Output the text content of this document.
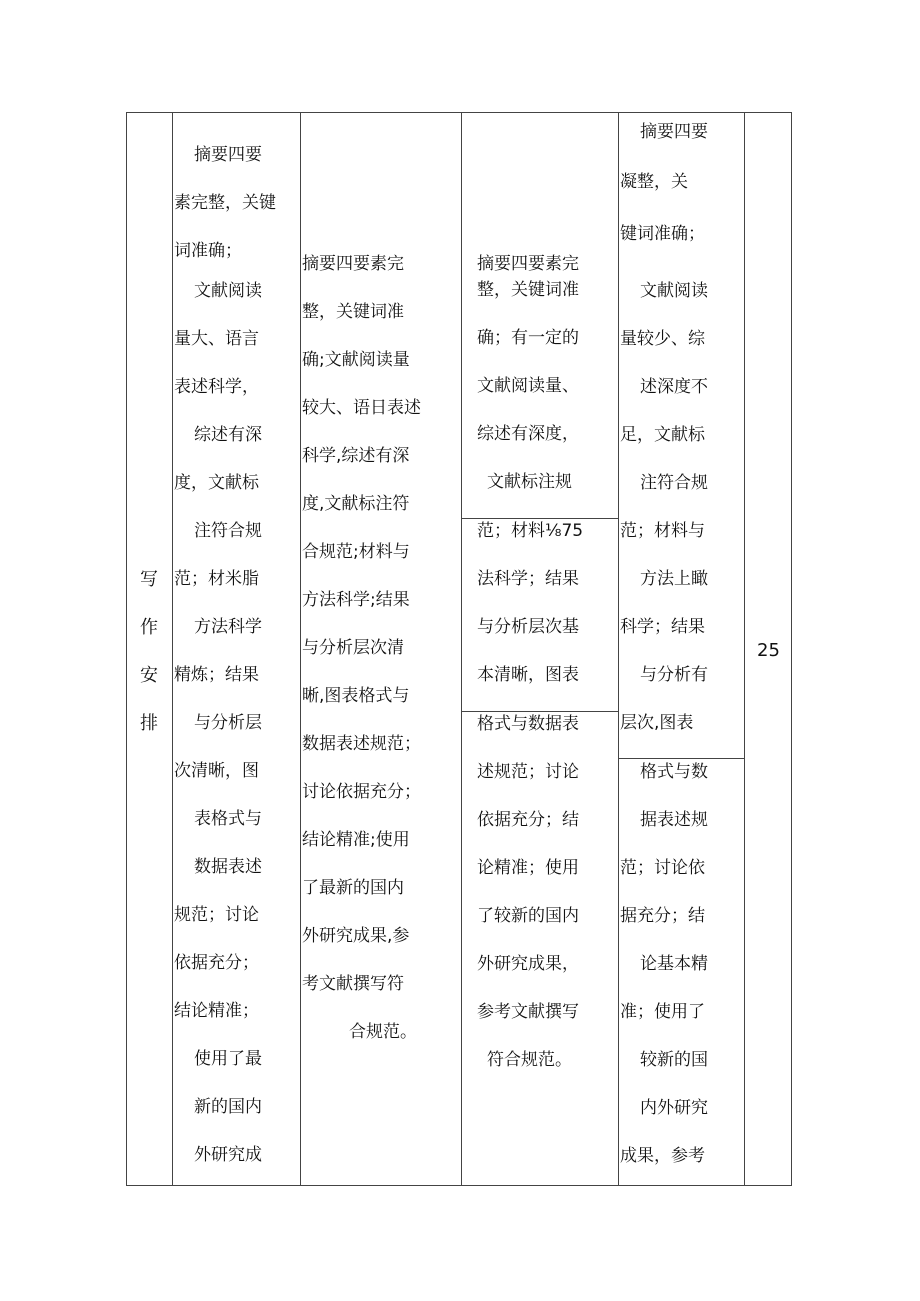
写
作
安
排
摘要四要
素完整，关键
词准确；
文献阅读
量大、语言
表述科学，
综述有深
度，文献标
注符合规
范；材米脂
方法科学
精炼；结果
与分析层
次清晰，图
表格式与
数据表述
规范；讨论
依据充分；
结论精准；
使用了最
新的国内
外研究成
摘要四要素完
整，关键词准
确;文献阅读量
较大、语日表述
科学,综述有深
度,文献标注符
合规范;材料与
方法科学;结果
与分析层次清
晰,图表格式与
数据表述规范；
讨论依据充分；
结论精准;使用
了最新的国内
外研究成果,参
考文献撰写符
合规范。
摘要四要素完
整，关键词准
确；有一定的
文献阅读量、
综述有深度，
文献标注规
范；材料⅛75
法科学；结果
与分析层次基
本清晰，图表
格式与数据表
述规范；讨论
依据充分；结
论精准；使用
了较新的国内
外研究成果，
参考文献撰写
符合规范。
摘要四要
凝整，关
键词准确；
文献阅读
量较少、综
述深度不
足，文献标
注符合规
范；材料与
方法上瞰
科学；结果
与分析有
层次,图表
格式与数
据表述规
范；讨论依
据充分；结
论基本精
准；使用了
较新的国
内外研究
成果，参考
25
